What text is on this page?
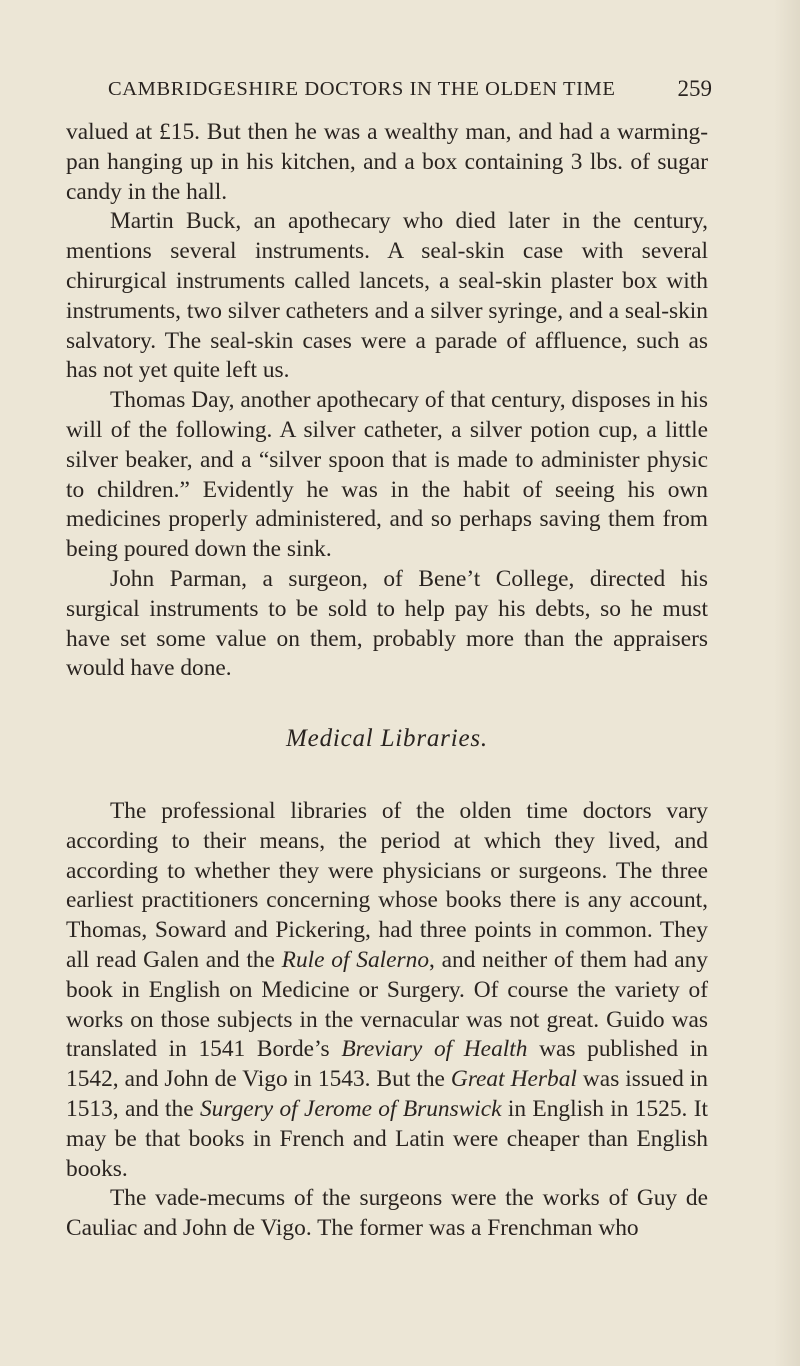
CAMBRIDGESHIRE DOCTORS IN THE OLDEN TIME	259

valued at £15. But then he was a wealthy man, and had a warming-pan hanging up in his kitchen, and a box containing 3 lbs. of sugar candy in the hall.

Martin Buck, an apothecary who died later in the century, mentions several instruments. A seal-skin case with several chirurgical instruments called lancets, a seal-skin plaster box with instruments, two silver catheters and a silver syringe, and a seal-skin salvatory. The seal-skin cases were a parade of affluence, such as has not yet quite left us.

Thomas Day, another apothecary of that century, disposes in his will of the following. A silver catheter, a silver potion cup, a little silver beaker, and a “silver spoon that is made to administer physic to children.” Evidently he was in the habit of seeing his own medicines properly administered, and so perhaps saving them from being poured down the sink.

John Parman, a surgeon, of Bene’t College, directed his surgical instruments to be sold to help pay his debts, so he must have set some value on them, probably more than the appraisers would have done.

Medical Libraries.

The professional libraries of the olden time doctors vary according to their means, the period at which they lived, and according to whether they were physicians or surgeons. The three earliest practitioners concerning whose books there is any account, Thomas, Soward and Pickering, had three points in common. They all read Galen and the Rule of Salerno, and neither of them had any book in English on Medicine or Surgery. Of course the variety of works on those subjects in the vernacular was not great. Guido was translated in 1541 Borde’s Breviary of Health was published in 1542, and John de Vigo in 1543. But the Great Herbal was issued in 1513, and the Surgery of Jerome of Brunswick in English in 1525. It may be that books in French and Latin were cheaper than English books.

The vade-mecums of the surgeons were the works of Guy de Cauliac and John de Vigo. The former was a Frenchman who
